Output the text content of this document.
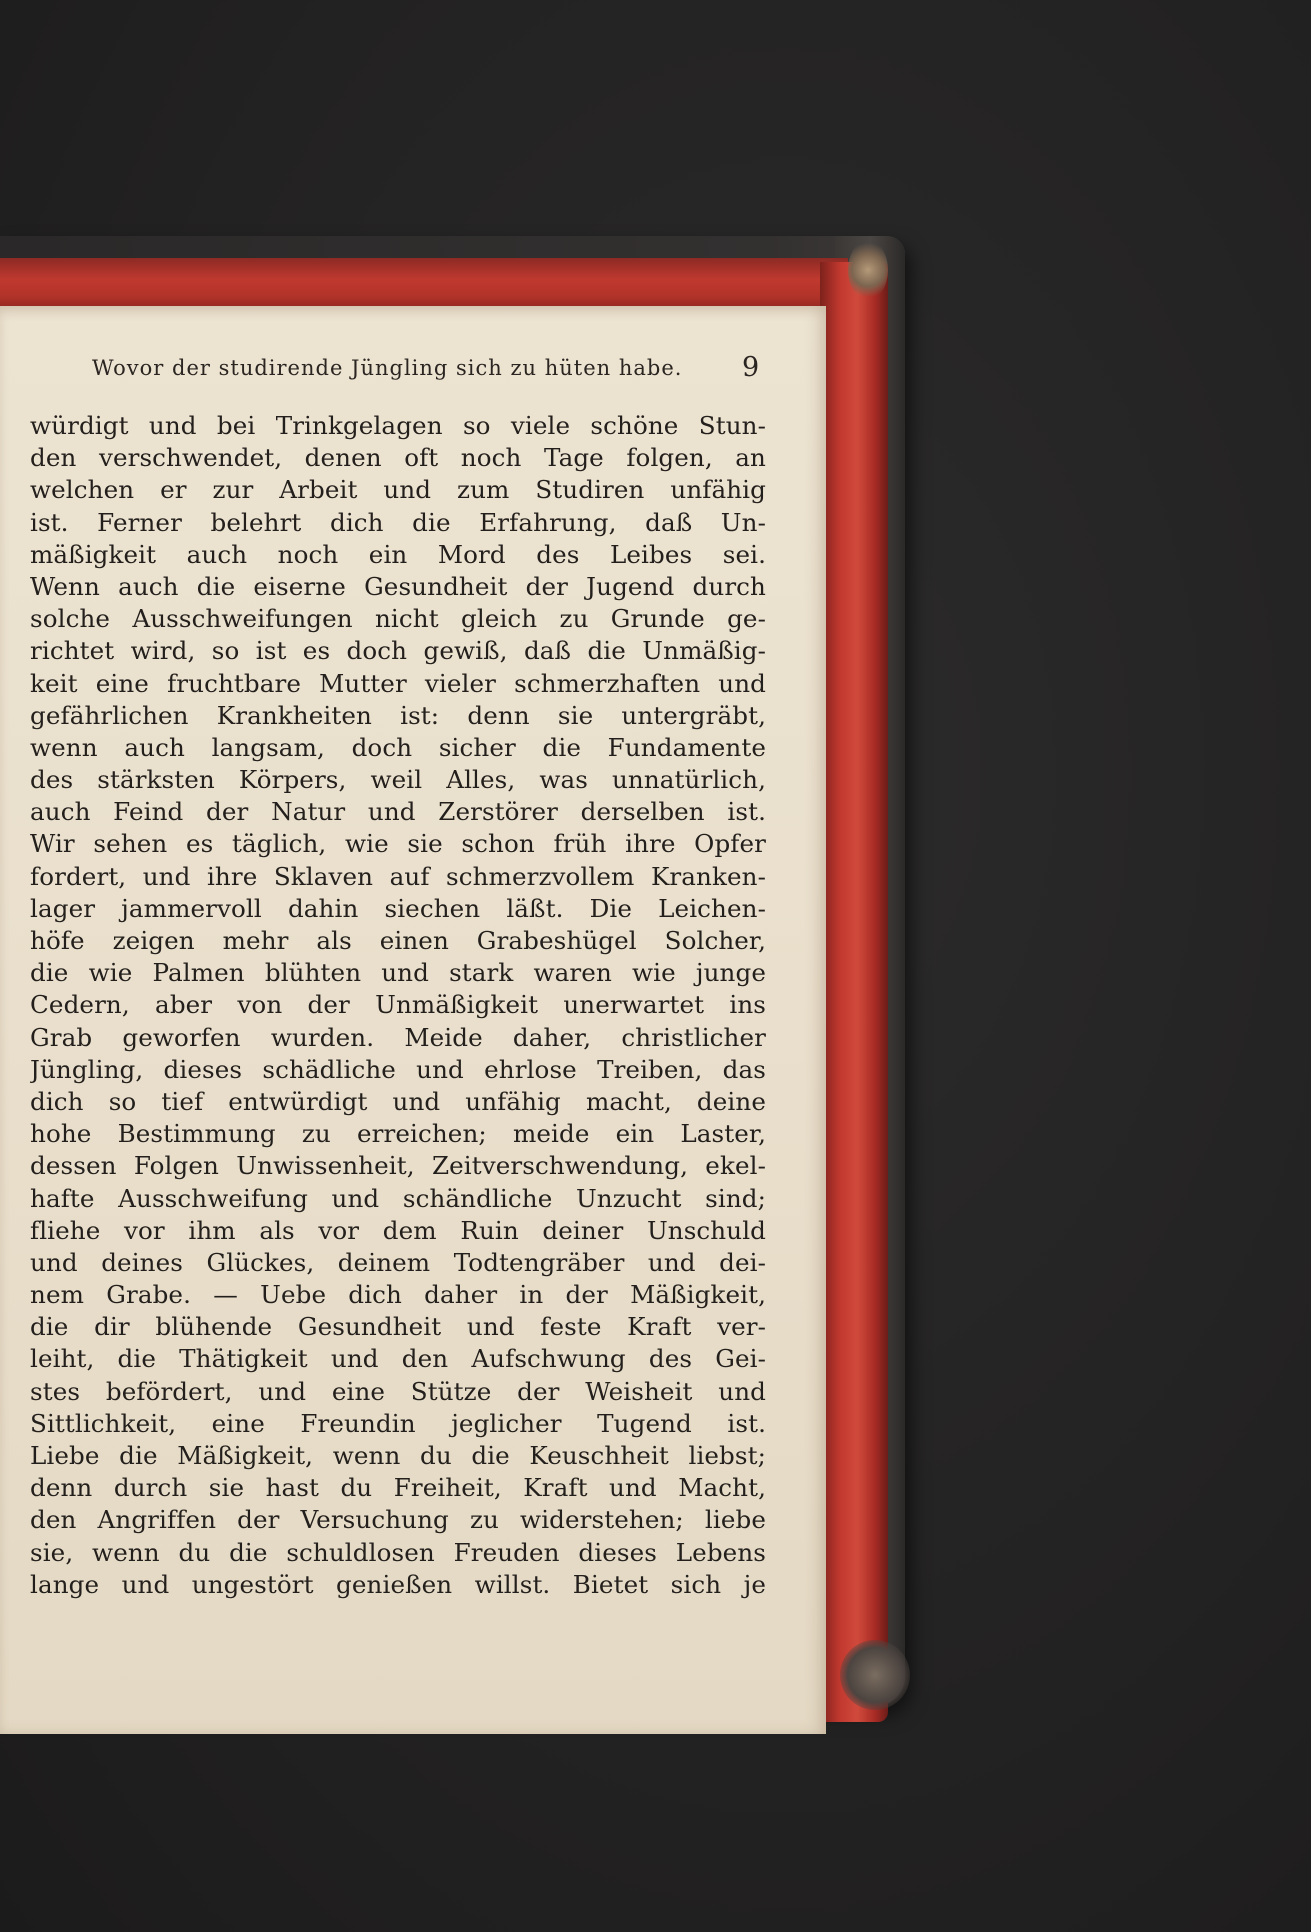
Wovor der studirende Jüngling sich zu hüten habe.	9
würdigt und bei Trinkgelagen so viele schöne Stun-
den verschwendet, denen oft noch Tage folgen, an
welchen er zur Arbeit und zum Studiren unfähig
ist. Ferner belehrt dich die Erfahrung, daß Un-
mäßigkeit auch noch ein Mord des Leibes sei.
Wenn auch die eiserne Gesundheit der Jugend durch
solche Ausschweifungen nicht gleich zu Grunde ge-
richtet wird, so ist es doch gewiß, daß die Unmäßig-
keit eine fruchtbare Mutter vieler schmerzhaften und
gefährlichen Krankheiten ist: denn sie untergräbt,
wenn auch langsam, doch sicher die Fundamente
des stärksten Körpers, weil Alles, was unnatürlich,
auch Feind der Natur und Zerstörer derselben ist.
Wir sehen es täglich, wie sie schon früh ihre Opfer
fordert, und ihre Sklaven auf schmerzvollem Kranken-
lager jammervoll dahin siechen läßt. Die Leichen-
höfe zeigen mehr als einen Grabeshügel Solcher,
die wie Palmen blühten und stark waren wie junge
Cedern, aber von der Unmäßigkeit unerwartet ins
Grab geworfen wurden. Meide daher, christlicher
Jüngling, dieses schädliche und ehrlose Treiben, das
dich so tief entwürdigt und unfähig macht, deine
hohe Bestimmung zu erreichen; meide ein Laster,
dessen Folgen Unwissenheit, Zeitverschwendung, ekel-
hafte Ausschweifung und schändliche Unzucht sind;
fliehe vor ihm als vor dem Ruin deiner Unschuld
und deines Glückes, deinem Todtengräber und dei-
nem Grabe. — Uebe dich daher in der Mäßigkeit,
die dir blühende Gesundheit und feste Kraft ver-
leiht, die Thätigkeit und den Aufschwung des Gei-
stes befördert, und eine Stütze der Weisheit und
Sittlichkeit, eine Freundin jeglicher Tugend ist.
Liebe die Mäßigkeit, wenn du die Keuschheit liebst;
denn durch sie hast du Freiheit, Kraft und Macht,
den Angriffen der Versuchung zu widerstehen; liebe
sie, wenn du die schuldlosen Freuden dieses Lebens
lange und ungestört genießen willst. Bietet sich je
